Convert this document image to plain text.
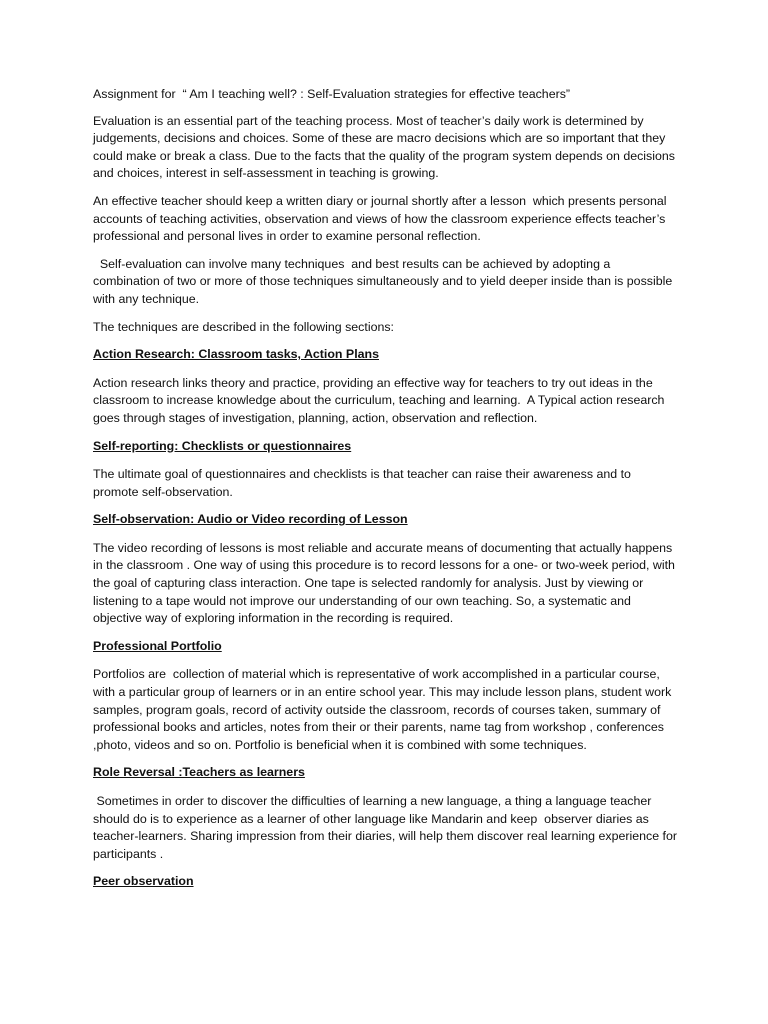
Assignment for  “ Am I teaching well? : Self-Evaluation strategies for effective teachers”

Evaluation is an essential part of the teaching process. Most of teacher’s daily work is determined by judgements, decisions and choices. Some of these are macro decisions which are so important that they could make or break a class. Due to the facts that the quality of the program system depends on decisions and choices, interest in self-assessment in teaching is growing.

An effective teacher should keep a written diary or journal shortly after a lesson  which presents personal accounts of teaching activities, observation and views of how the classroom experience effects teacher’s professional and personal lives in order to examine personal reflection.

Self-evaluation can involve many techniques  and best results can be achieved by adopting a combination of two or more of those techniques simultaneously and to yield deeper inside than is possible with any technique.

The techniques are described in the following sections:

Action Research: Classroom tasks, Action Plans

Action research links theory and practice, providing an effective way for teachers to try out ideas in the classroom to increase knowledge about the curriculum, teaching and learning.  A Typical action research goes through stages of investigation, planning, action, observation and reflection.

Self-reporting: Checklists or questionnaires

The ultimate goal of questionnaires and checklists is that teacher can raise their awareness and to promote self-observation.

Self-observation: Audio or Video recording of Lesson

The video recording of lessons is most reliable and accurate means of documenting that actually happens in the classroom . One way of using this procedure is to record lessons for a one- or two-week period, with the goal of capturing class interaction. One tape is selected randomly for analysis. Just by viewing or listening to a tape would not improve our understanding of our own teaching. So, a systematic and objective way of exploring information in the recording is required.

Professional Portfolio

Portfolios are  collection of material which is representative of work accomplished in a particular course, with a particular group of learners or in an entire school year. This may include lesson plans, student work samples, program goals, record of activity outside the classroom, records of courses taken, summary of professional books and articles, notes from their or their parents, name tag from workshop , conferences ,photo, videos and so on. Portfolio is beneficial when it is combined with some techniques.

Role Reversal :Teachers as learners

Sometimes in order to discover the difficulties of learning a new language, a thing a language teacher should do is to experience as a learner of other language like Mandarin and keep  observer diaries as teacher-learners. Sharing impression from their diaries, will help them discover real learning experience for participants .

Peer observation
